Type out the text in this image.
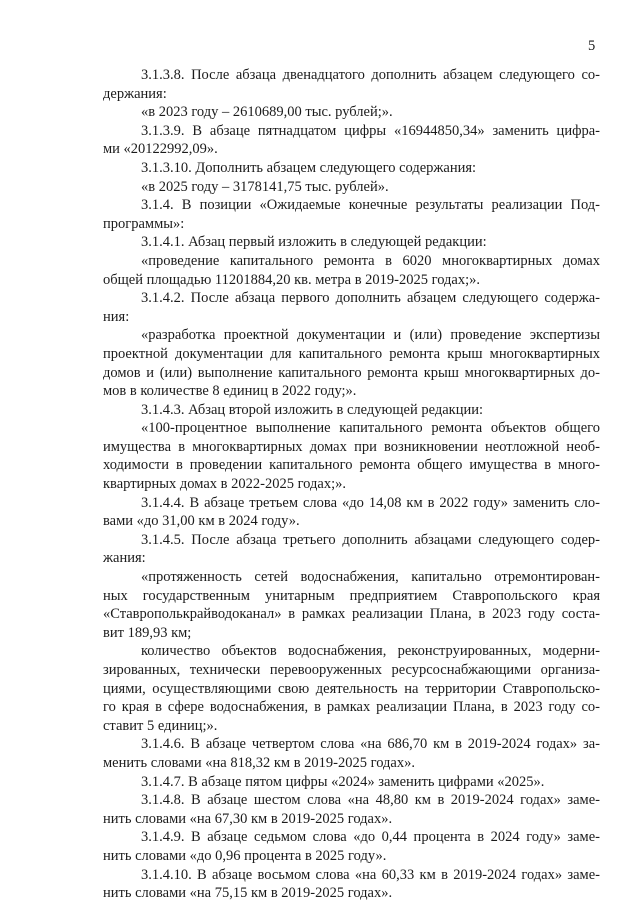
5
3.1.3.8. После абзаца двенадцатого дополнить абзацем следующего со-
держания:
«в 2023 году – 2610689,00 тыс. рублей;».
3.1.3.9. В абзаце пятнадцатом цифры «16944850,34» заменить цифра-
ми «20122992,09».
3.1.3.10. Дополнить абзацем следующего содержания:
«в 2025 году – 3178141,75 тыс. рублей».
3.1.4. В позиции «Ожидаемые конечные результаты реализации Под-
программы»:
3.1.4.1. Абзац первый изложить в следующей редакции:
«проведение капитального ремонта в 6020 многоквартирных домах
общей площадью 11201884,20 кв. метра в 2019-2025 годах;».
3.1.4.2. После абзаца первого дополнить абзацем следующего содержа-
ния:
«разработка проектной документации и (или) проведение экспертизы
проектной документации для капитального ремонта крыш многоквартирных
домов и (или) выполнение капитального ремонта крыш многоквартирных до-
мов в количестве 8 единиц в 2022 году;».
3.1.4.3. Абзац второй изложить в следующей редакции:
«100-процентное выполнение капитального ремонта объектов общего
имущества в многоквартирных домах при возникновении неотложной необ-
ходимости в проведении капитального ремонта общего имущества в много-
квартирных домах в 2022-2025 годах;».
3.1.4.4. В абзаце третьем слова «до 14,08 км в 2022 году» заменить сло-
вами «до 31,00 км в 2024 году».
3.1.4.5. После абзаца третьего дополнить абзацами следующего содер-
жания:
«протяженность сетей водоснабжения, капитально отремонтирован-
ных государственным унитарным предприятием Ставропольского края
«Ставрополькрайводоканал» в рамках реализации Плана, в 2023 году соста-
вит 189,93 км;
количество объектов водоснабжения, реконструированных, модерни-
зированных, технически перевооруженных ресурсоснабжающими организа-
циями, осуществляющими свою деятельность на территории Ставропольско-
го края в сфере водоснабжения, в рамках реализации Плана, в 2023 году со-
ставит 5 единиц;».
3.1.4.6. В абзаце четвертом слова «на 686,70 км в 2019-2024 годах» за-
менить словами «на 818,32 км в 2019-2025 годах».
3.1.4.7. В абзаце пятом цифры «2024» заменить цифрами «2025».
3.1.4.8. В абзаце шестом слова «на 48,80 км в 2019-2024 годах» заме-
нить словами «на 67,30 км в 2019-2025 годах».
3.1.4.9. В абзаце седьмом слова «до 0,44 процента в 2024 году» заме-
нить словами «до 0,96 процента в 2025 году».
3.1.4.10. В абзаце восьмом слова «на 60,33 км в 2019-2024 годах» заме-
нить словами «на 75,15 км в 2019-2025 годах».
